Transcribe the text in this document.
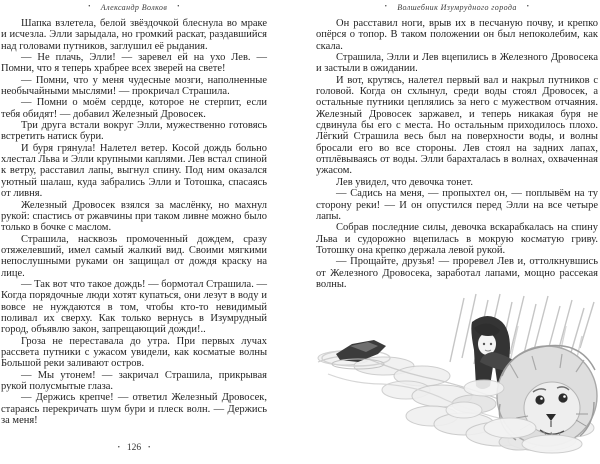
• Александр Волков •

Шапка взлетела, белой звёздочкой блеснула во мраке и исчезла. Элли зарыдала, но громкий раскат, раздавшийся над головами путников, заглушил её рыдания.

— Не плачь, Элли! — заревел ей на ухо Лев. — Помни, что я теперь храбрее всех зверей на свете!

— Помни, что у меня чудесные мозги, наполненные необычайными мыслями! — прокричал Страшила.

— Помни о моём сердце, которое не стерпит, если тебя обидят! — добавил Железный Дровосек.

Три друга встали вокруг Элли, мужественно готовясь встретить натиск бури.

И буря грянула! Налетел ветер. Косой дождь больно хлестал Льва и Элли крупными каплями. Лев встал спиной к ветру, расставил лапы, выгнул спину. Под ним оказался уютный шалаш, куда забрались Элли и Тотошка, спасаясь от ливня.

Железный Дровосек взялся за маслёнку, но махнул рукой: спастись от ржавчины при таком ливне можно было только в бочке с маслом.

Страшила, насквозь промоченный дождем, сразу отяжелевший, имел самый жалкий вид. Своими мягкими непослушными руками он защищал от дождя краску на лице.

— Так вот что такое дождь! — бормотал Страшила. — Когда порядочные люди хотят купаться, они лезут в воду и вовсе не нуждаются в том, чтобы кто-то невидимый поливал их сверху. Как только вернусь в Изумрудный город, объявлю закон, запрещающий дожди!..

Гроза не переставала до утра. При первых лучах рассвета путники с ужасом увидели, как косматые волны Большой реки заливают остров.

— Мы утонем! — закричал Страшила, прикрывая рукой полусмытые глаза.

— Держись крепче! — ответил Железный Дровосек, стараясь перекричать шум бури и плеск волн. — Держись за меня!

• 126 •
• Волшебник Изумрудного города •

Он расставил ноги, врыв их в песчаную почву, и крепко опёрся о топор. В таком положении он был непоколебим, как скала.

Страшила, Элли и Лев вцепились в Железного Дровосека и застыли в ожидании.

И вот, крутясь, налетел первый вал и накрыл путников с головой. Когда он схлынул, среди воды стоял Дровосек, а остальные путники цеплялись за него с мужеством отчаяния. Железный Дровосек заржавел, и теперь никакая буря не сдвинула бы его с места. Но остальным приходилось плохо. Лёгкий Страшила весь был на поверхности воды, и волны бросали его во все стороны. Лев стоял на задних лапах, отплёвываясь от воды. Элли барахталась в волнах, охваченная ужасом.

Лев увидел, что девочка тонет.

— Садись на меня, — пропыхтел он, — поплывём на ту сторону реки! — И он опустился перед Элли на все четыре лапы.

Собрав последние силы, девочка вскарабкалась на спину Льва и судорожно вцепилась в мокрую косматую гриву. Тотошку она крепко держала левой рукой.

— Прощайте, друзья! — проревел Лев и, оттолкнувшись от Железного Дровосека, заработал лапами, мощно рассекая волны.
